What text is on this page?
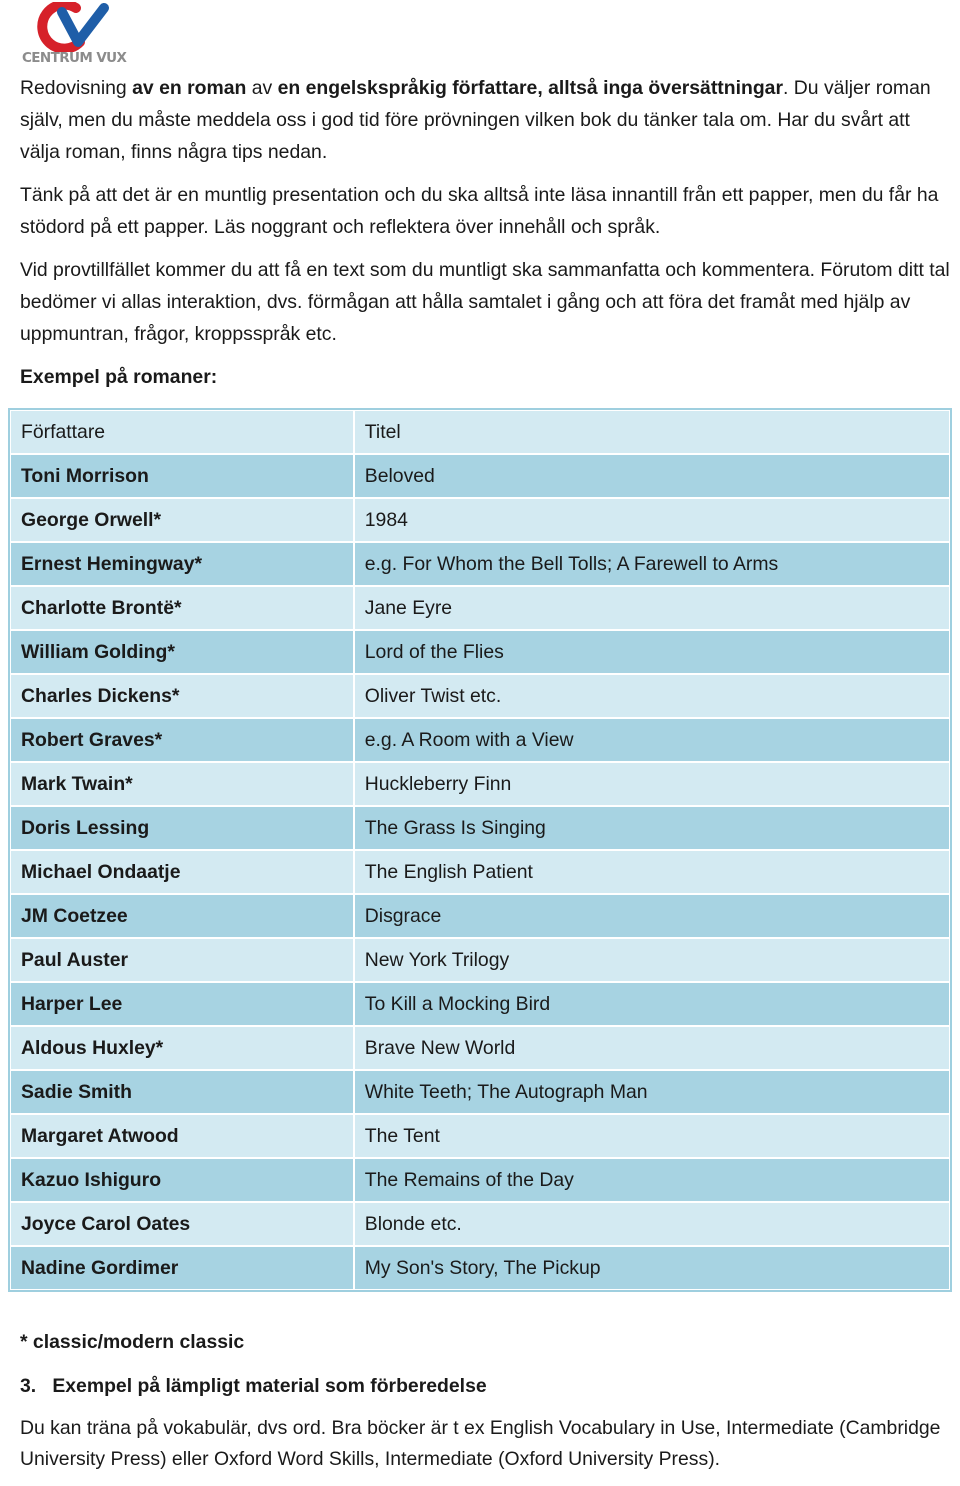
CENTRUM VUX

Redovisning av en roman av en engelskspråkig författare, alltså inga översättningar. Du väljer roman själv, men du måste meddela oss i god tid före prövningen vilken bok du tänker tala om. Har du svårt att välja roman, finns några tips nedan.

Tänk på att det är en muntlig presentation och du ska alltså inte läsa innantill från ett papper, men du får ha stödord på ett papper. Läs noggrant och reflektera över innehåll och språk.

Vid provtillfället kommer du att få en text som du muntligt ska sammanfatta och kommentera. Förutom ditt tal bedömer vi allas interaktion, dvs. förmågan att hålla samtalet i gång och att föra det framåt med hjälp av uppmuntran, frågor, kroppsspråk etc.

Exempel på romaner:

Författare	Titel
Toni Morrison	Beloved
George Orwell*	1984
Ernest Hemingway*	e.g. For Whom the Bell Tolls; A Farewell to Arms
Charlotte Brontë*	Jane Eyre
William Golding*	Lord of the Flies
Charles Dickens*	Oliver Twist etc.
Robert Graves*	e.g. A Room with a View
Mark Twain*	Huckleberry Finn
Doris Lessing	The Grass Is Singing
Michael Ondaatje	The English Patient
JM Coetzee	Disgrace
Paul Auster	New York Trilogy
Harper Lee	To Kill a Mocking Bird
Aldous Huxley*	Brave New World
Sadie Smith	White Teeth; The Autograph Man
Margaret Atwood	The Tent
Kazuo Ishiguro	The Remains of the Day
Joyce Carol Oates	Blonde etc.
Nadine Gordimer	My Son's Story, The Pickup

* classic/modern classic

3. Exempel på lämpligt material som förberedelse

Du kan träna på vokabulär, dvs ord. Bra böcker är t ex English Vocabulary in Use, Intermediate (Cambridge University Press) eller Oxford Word Skills, Intermediate (Oxford University Press).
